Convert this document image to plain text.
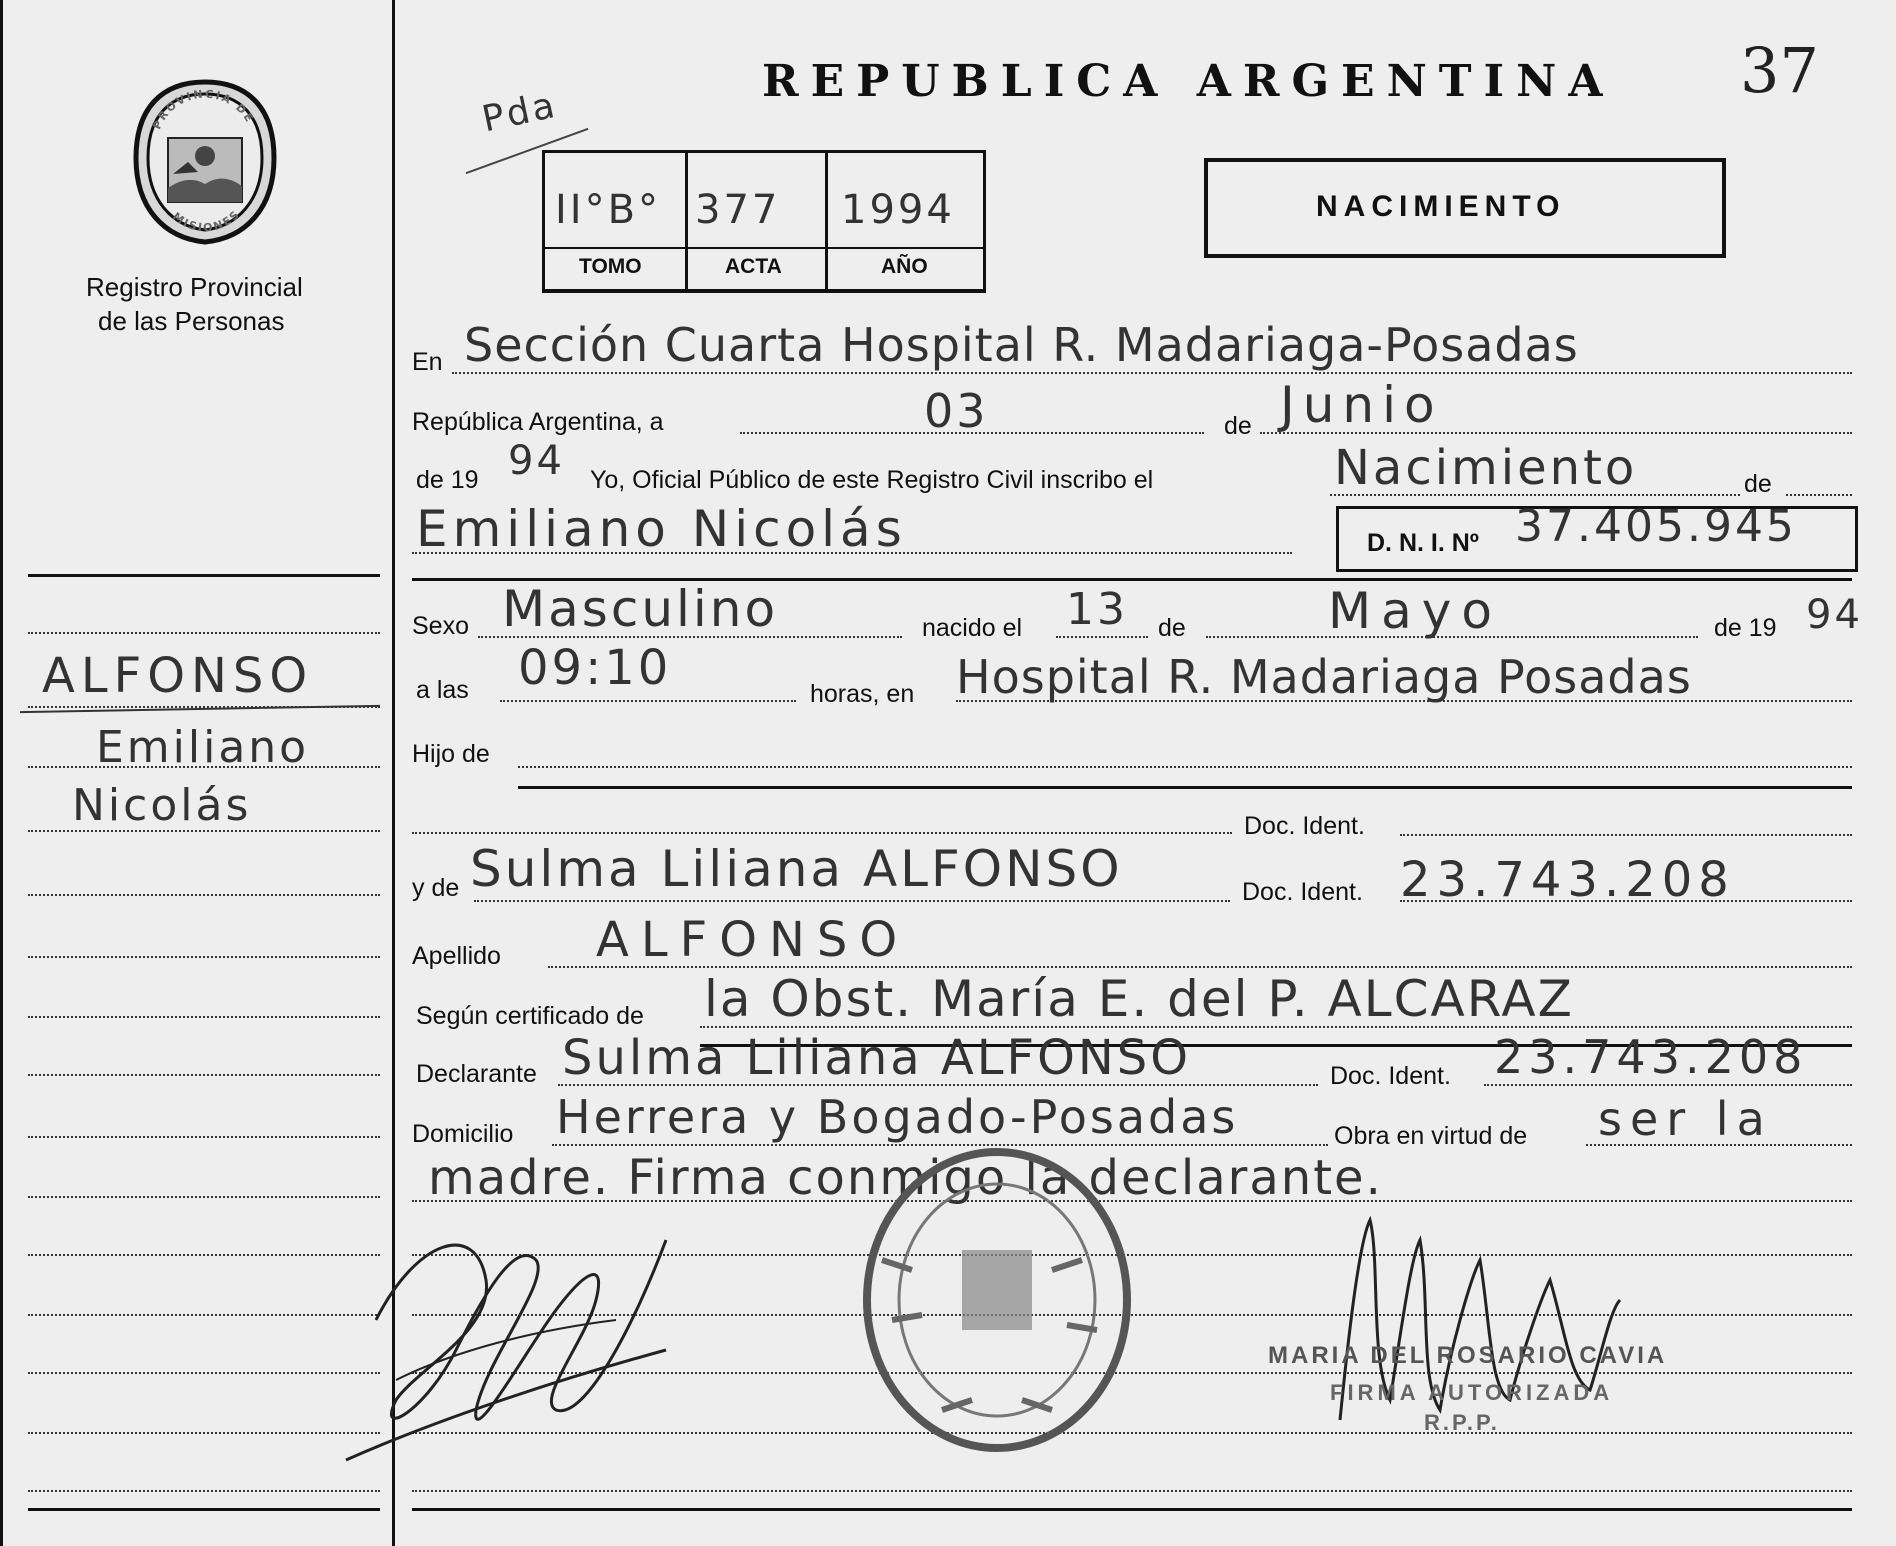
37
PROVINCIA DE
MISIONES
Registro Provincial
de las Personas
ALFONSO
Emiliano
Nicolás
REPUBLICA ARGENTINA
Pda
II°B° 377 1994
TOMO	ACTA	AÑO
NACIMIENTO
En Sección Cuarta Hospital R. Madariaga-Posadas
República Argentina, a	03	de Junio
de 19 94 Yo, Oficial Público de este Registro Civil inscribo el	Nacimiento	de
Emiliano Nicolás	D. N. I. Nº 37.405.945
Sexo Masculino	nacido el 13 de	Mayo	de 19 94
a las 09:10	horas, en Hospital R. Madariaga Posadas
Hijo de
Doc. Ident.
y de Sulma Liliana ALFONSO	Doc. Ident. 23.743.208
Apellido ALFONSO
Según certificado de la Obst. María E. del P. ALCARAZ
Declarante Sulma Liliana ALFONSO	Doc. Ident. 23.743.208
Domicilio Herrera y Bogado-Posadas	Obra en virtud de ser la
madre. Firma conmigo la declarante.
MARIA DEL ROSARIO CAVIA
FIRMA AUTORIZADA
R.P.P.
